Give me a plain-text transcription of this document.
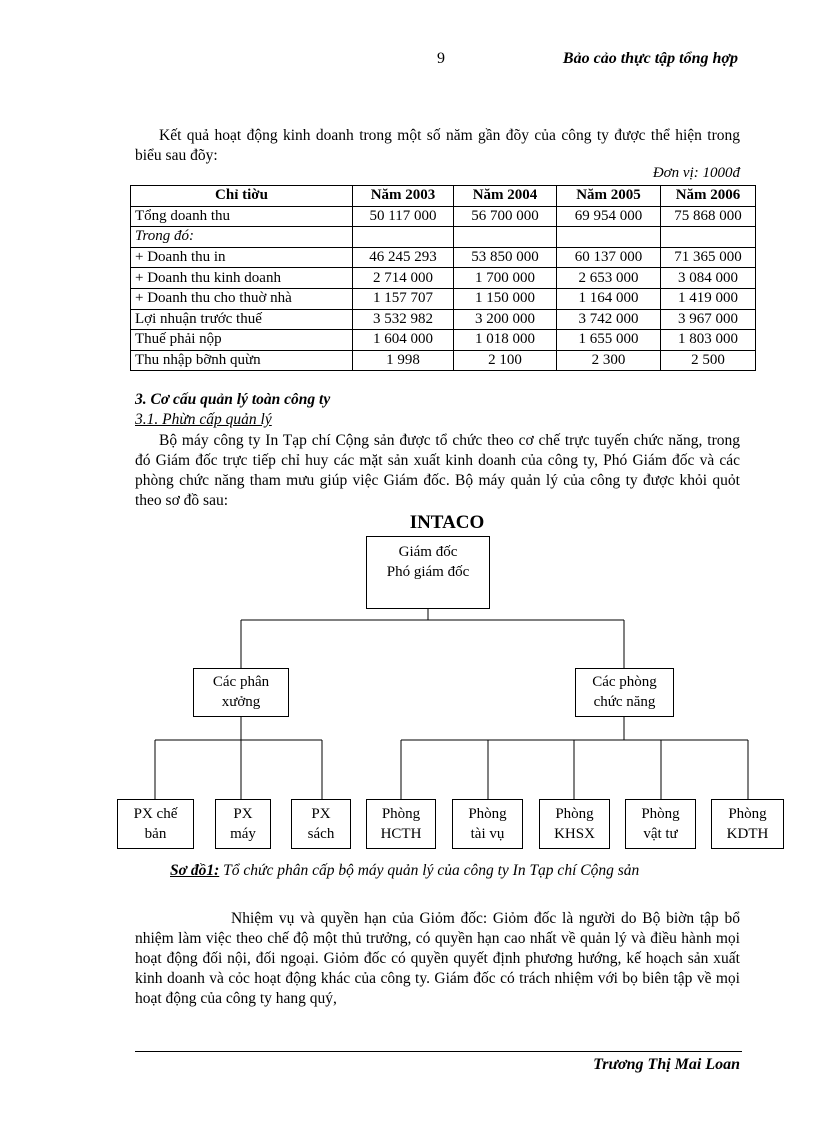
9	Bảo cảo thực tập tổng hợp
Kết quả hoạt động kinh doanh trong một số năm gần đõy của công ty được thể hiện trong biểu sau đõy:
Đơn vị: 1000đ
Chỉ tiờu	Năm 2003	Năm 2004	Năm 2005	Năm 2006
Tổng doanh thu	50 117 000	56 700 000	69 954 000	75 868 000
Trong đó:				
+ Doanh thu in	46 245 293	53 850 000	60 137 000	71 365 000
+ Doanh thu kinh doanh	2 714 000	1 700 000	2 653 000	3 084 000
+ Doanh thu cho thuờ nhà	1 157 707	1 150 000	1 164 000	1 419 000
Lợi nhuận trước thuế	3 532 982	3 200 000	3 742 000	3 967 000
Thuế phải nộp	1 604 000	1 018 000	1 655 000	1 803 000
Thu nhập bỡnh quừn	1 998	2 100	2 300	2 500
3. Cơ cấu quản lý toàn công ty
3.1. Phừn cấp quản lý
Bộ máy công ty In Tạp chí Cộng sản được tổ chức theo cơ chế trực tuyến chức năng, trong đó Giám đốc trực tiếp chỉ huy các mặt sản xuất kinh doanh của công ty, Phó Giám đốc và các phòng chức năng tham mưu giúp việc Giám đốc. Bộ máy quản lý của công ty được khỏi quỏt theo sơ đồ sau:
INTACO
Giám đốc
Phó giám đốc
Các phân
xưởng
Các phòng
chức năng
PX chế
bản
PX
máy
PX
sách
Phòng
HCTH
Phòng
tài vụ
Phòng
KHSX
Phòng
vật tư
Phòng
KDTH
Sơ đồ1: Tổ chức phân cấp bộ máy quản lý của công ty In Tạp chí Cộng sản
Nhiệm vụ và quyền hạn của Giỏm đốc: Giỏm đốc là người do Bộ biờn tập bổ nhiệm làm việc theo chế độ một thủ trưởng, có quyền hạn cao nhất về quản lý và điều hành mọi hoạt động đối nội, đối ngoại. Giỏm đốc có quyền quyết định phương hướng, kế hoạch sản xuất kinh doanh và cỏc hoạt động khác của công ty. Giám đốc có trách nhiệm với bọ biên tập về mọi hoạt động của công ty hang quý,
Trương Thị Mai Loan
